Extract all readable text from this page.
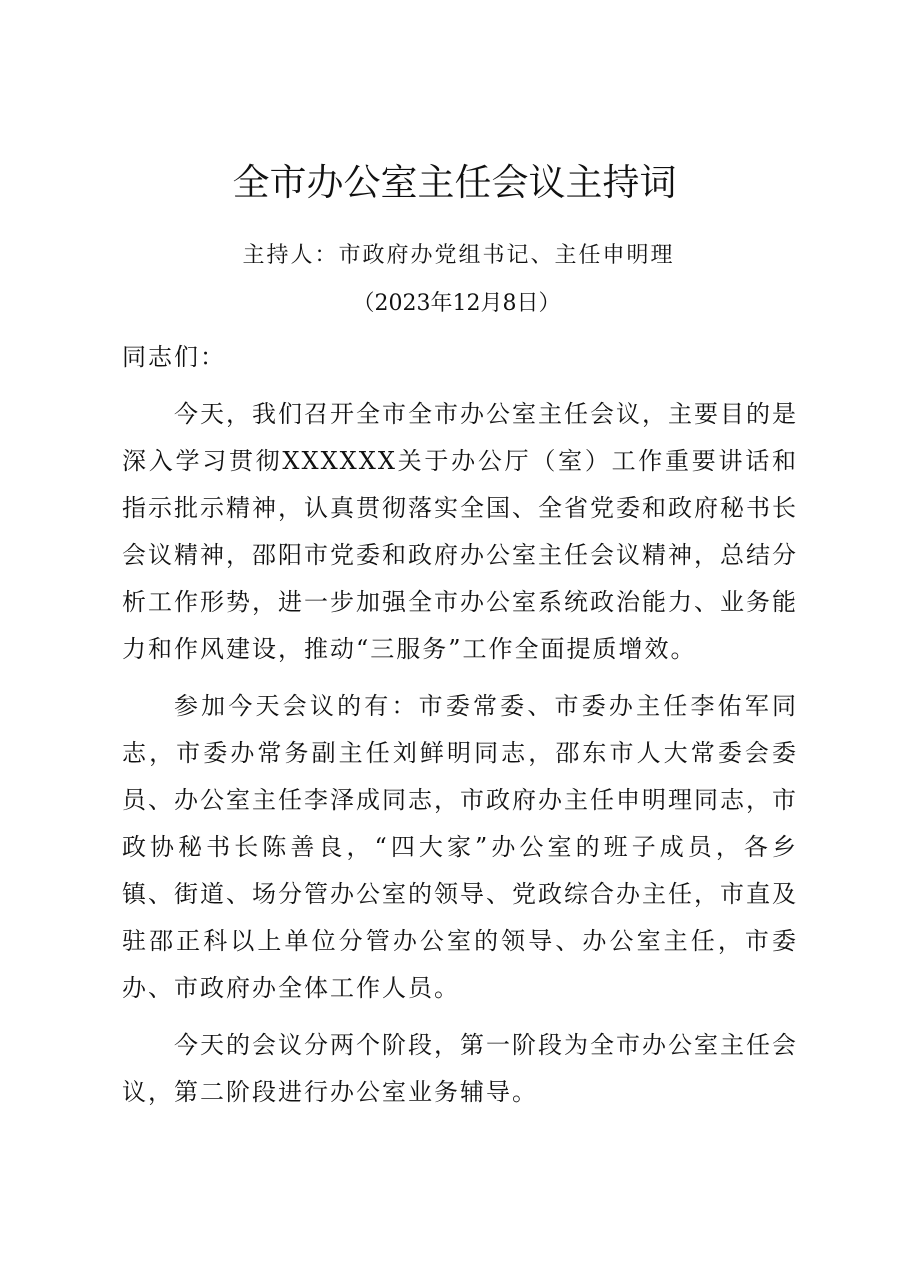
全市办公室主任会议主持词
主持人：市政府办党组书记、主任申明理
（2023年12月8日）

同志们：

今天，我们召开全市全市办公室主任会议，主要目的是深入学习贯彻XXXXXX关于办公厅（室）工作重要讲话和指示批示精神，认真贯彻落实全国、全省党委和政府秘书长会议精神，邵阳市党委和政府办公室主任会议精神，总结分析工作形势，进一步加强全市办公室系统政治能力、业务能力和作风建设，推动“三服务”工作全面提质增效。

参加今天会议的有：市委常委、市委办主任李佑军同志，市委办常务副主任刘鲜明同志，邵东市人大常委会委员、办公室主任李泽成同志，市政府办主任申明理同志，市政协秘书长陈善良，“四大家”办公室的班子成员，各乡镇、街道、场分管办公室的领导、党政综合办主任，市直及驻邵正科以上单位分管办公室的领导、办公室主任，市委办、市政府办全体工作人员。

今天的会议分两个阶段，第一阶段为全市办公室主任会议，第二阶段进行办公室业务辅导。
